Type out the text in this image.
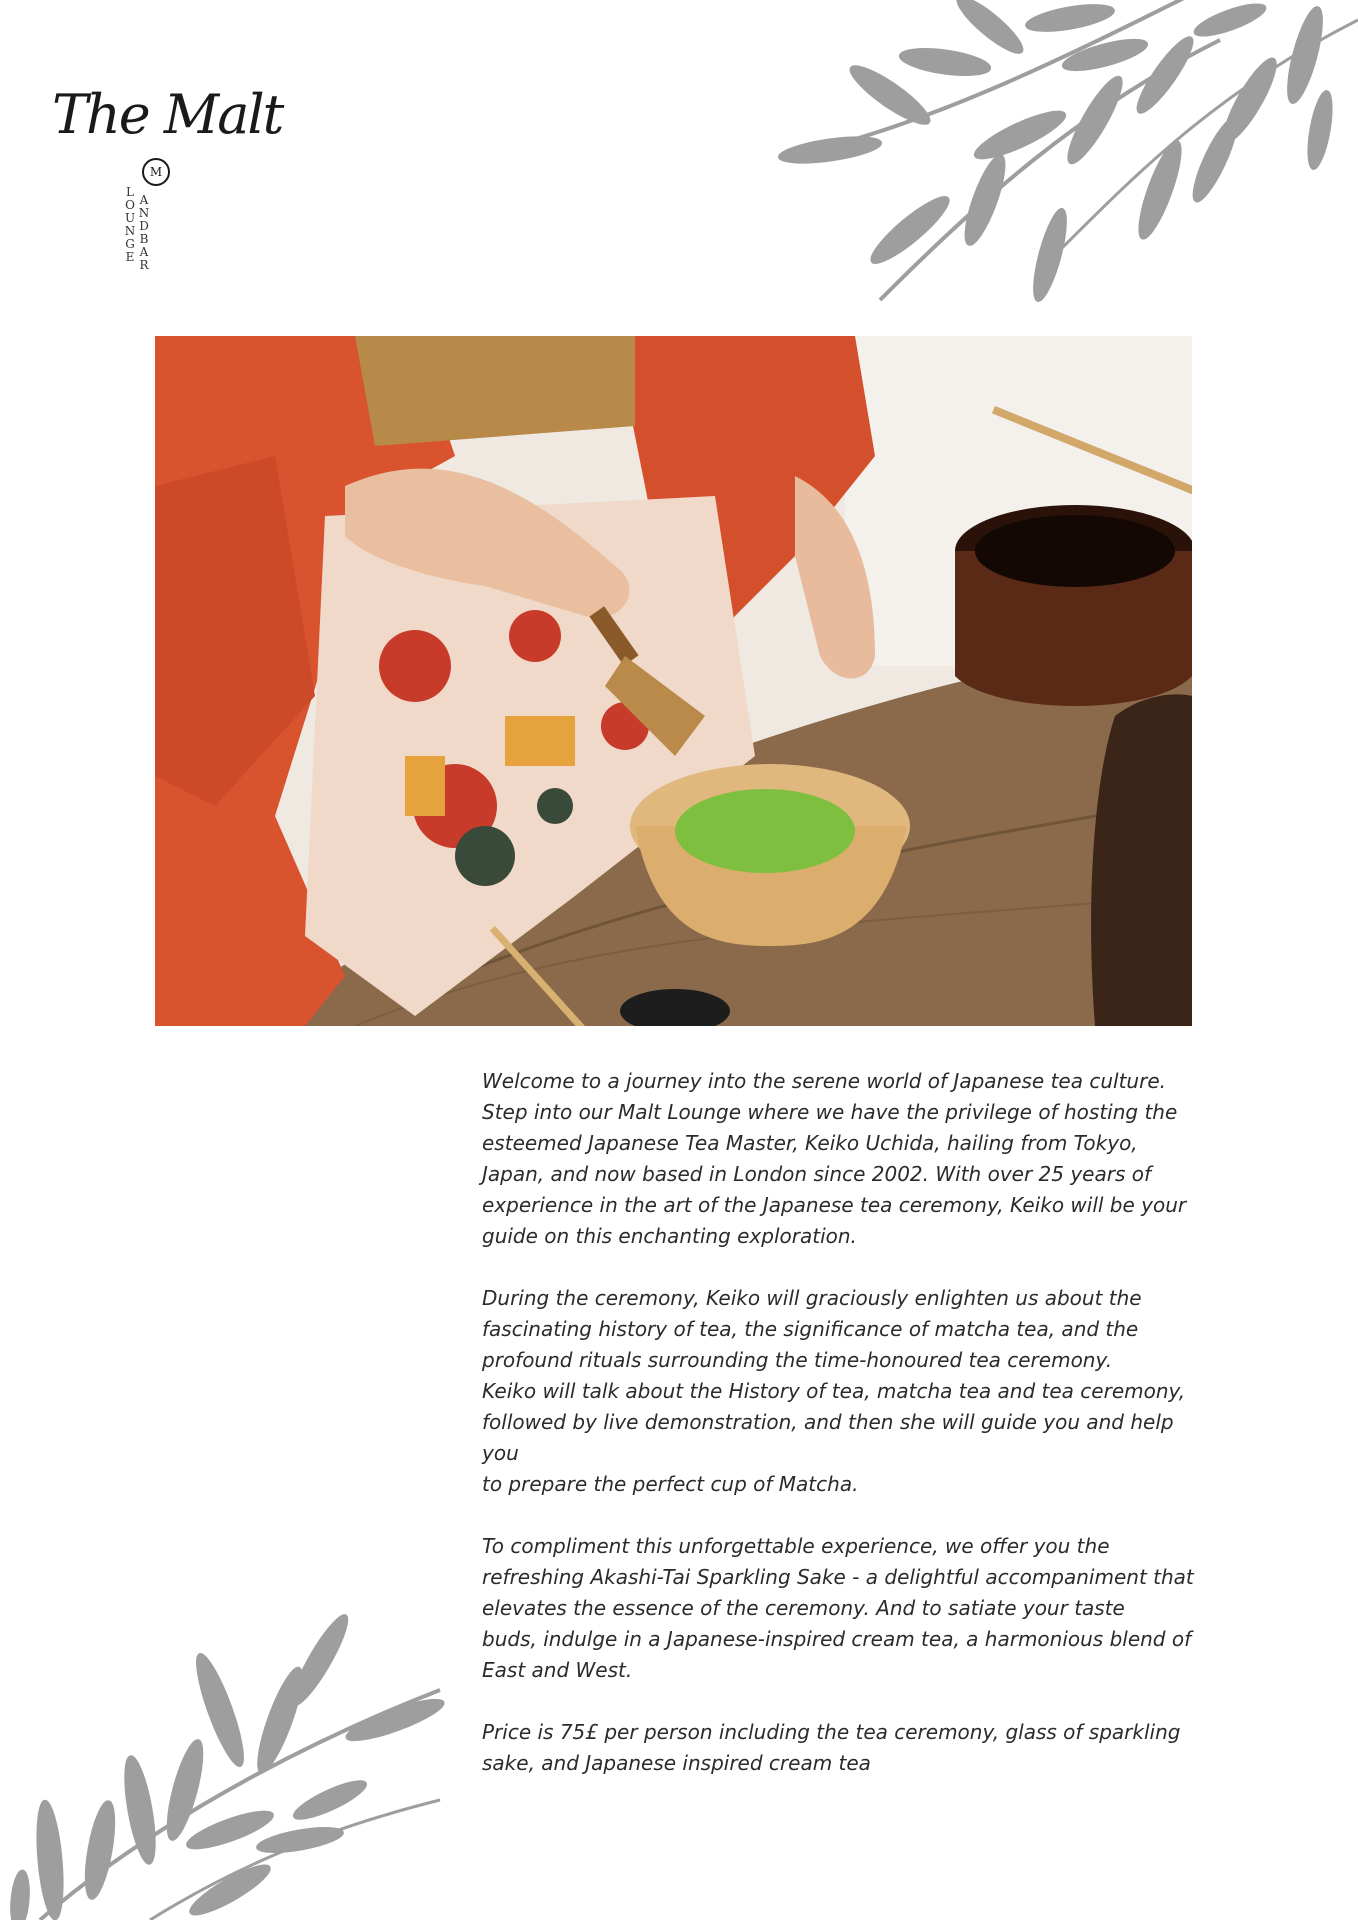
The Malt
M
L
O
U
N
G
E
A
N
D
B
A
R

Welcome to a journey into the serene world of Japanese tea culture.
Step into our Malt Lounge where we have the privilege of hosting the
esteemed Japanese Tea Master, Keiko Uchida, hailing from Tokyo,
Japan, and now based in London since 2002. With over 25 years of
experience in the art of the Japanese tea ceremony, Keiko will be your
guide on this enchanting exploration.

During the ceremony, Keiko will graciously enlighten us about the
fascinating history of tea, the significance of matcha tea, and the
profound rituals surrounding the time-honoured tea ceremony.
Keiko will talk about the History of tea, matcha tea and tea ceremony,
followed by live demonstration, and then she will guide you and help you
to prepare the perfect cup of Matcha.

To compliment this unforgettable experience, we offer you the
refreshing Akashi-Tai Sparkling Sake - a delightful accompaniment that
elevates the essence of the ceremony. And to satiate your taste
buds, indulge in a Japanese-inspired cream tea, a harmonious blend of
East and West.

Price is 75£ per person including the tea ceremony, glass of sparkling
sake, and Japanese inspired cream tea
